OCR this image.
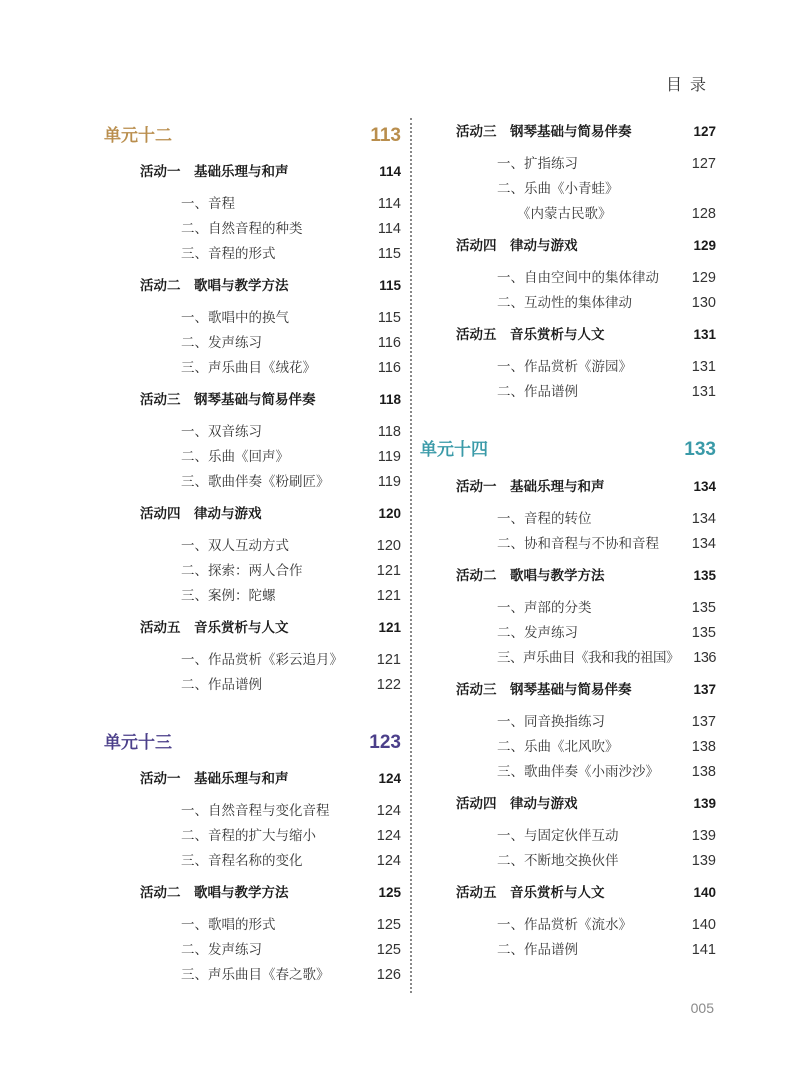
目录
单元十二	113
活动一　基础乐理与和声	114
一、音程	114
二、自然音程的种类	114
三、音程的形式	115
活动二　歌唱与教学方法	115
一、歌唱中的换气	115
二、发声练习	116
三、声乐曲目《绒花》	116
活动三　钢琴基础与简易伴奏	118
一、双音练习	118
二、乐曲《回声》	119
三、歌曲伴奏《粉刷匠》	119
活动四　律动与游戏	120
一、双人互动方式	120
二、探索：两人合作	121
三、案例：陀螺	121
活动五　音乐赏析与人文	121
一、作品赏析《彩云追月》 121
二、作品谱例	122
单元十三	123
活动一　基础乐理与和声	124
一、自然音程与变化音程	124
二、音程的扩大与缩小	124
三、音程名称的变化	124
活动二　歌唱与教学方法	125
一、歌唱的形式	125
二、发声练习	125
三、声乐曲目《春之歌》	126
活动三　钢琴基础与简易伴奏	127
一、扩指练习	127
二、乐曲《小青蛙》
《内蒙古民歌》	128
活动四　律动与游戏	129
一、自由空间中的集体律动 129
二、互动性的集体律动	130
活动五　音乐赏析与人文	131
一、作品赏析《游园》	131
二、作品谱例	131
单元十四	133
活动一　基础乐理与和声	134
一、音程的转位	134
二、协和音程与不协和音程 134
活动二　歌唱与教学方法	135
一、声部的分类	135
二、发声练习	135
三、声乐曲目《我和我的祖国》 136
活动三　钢琴基础与简易伴奏	137
一、同音换指练习	137
二、乐曲《北风吹》	138
三、歌曲伴奏《小雨沙沙》 138
活动四　律动与游戏	139
一、与固定伙伴互动	139
二、不断地交换伙伴	139
活动五　音乐赏析与人文	140
一、作品赏析《流水》	140
二、作品谱例	141
005
